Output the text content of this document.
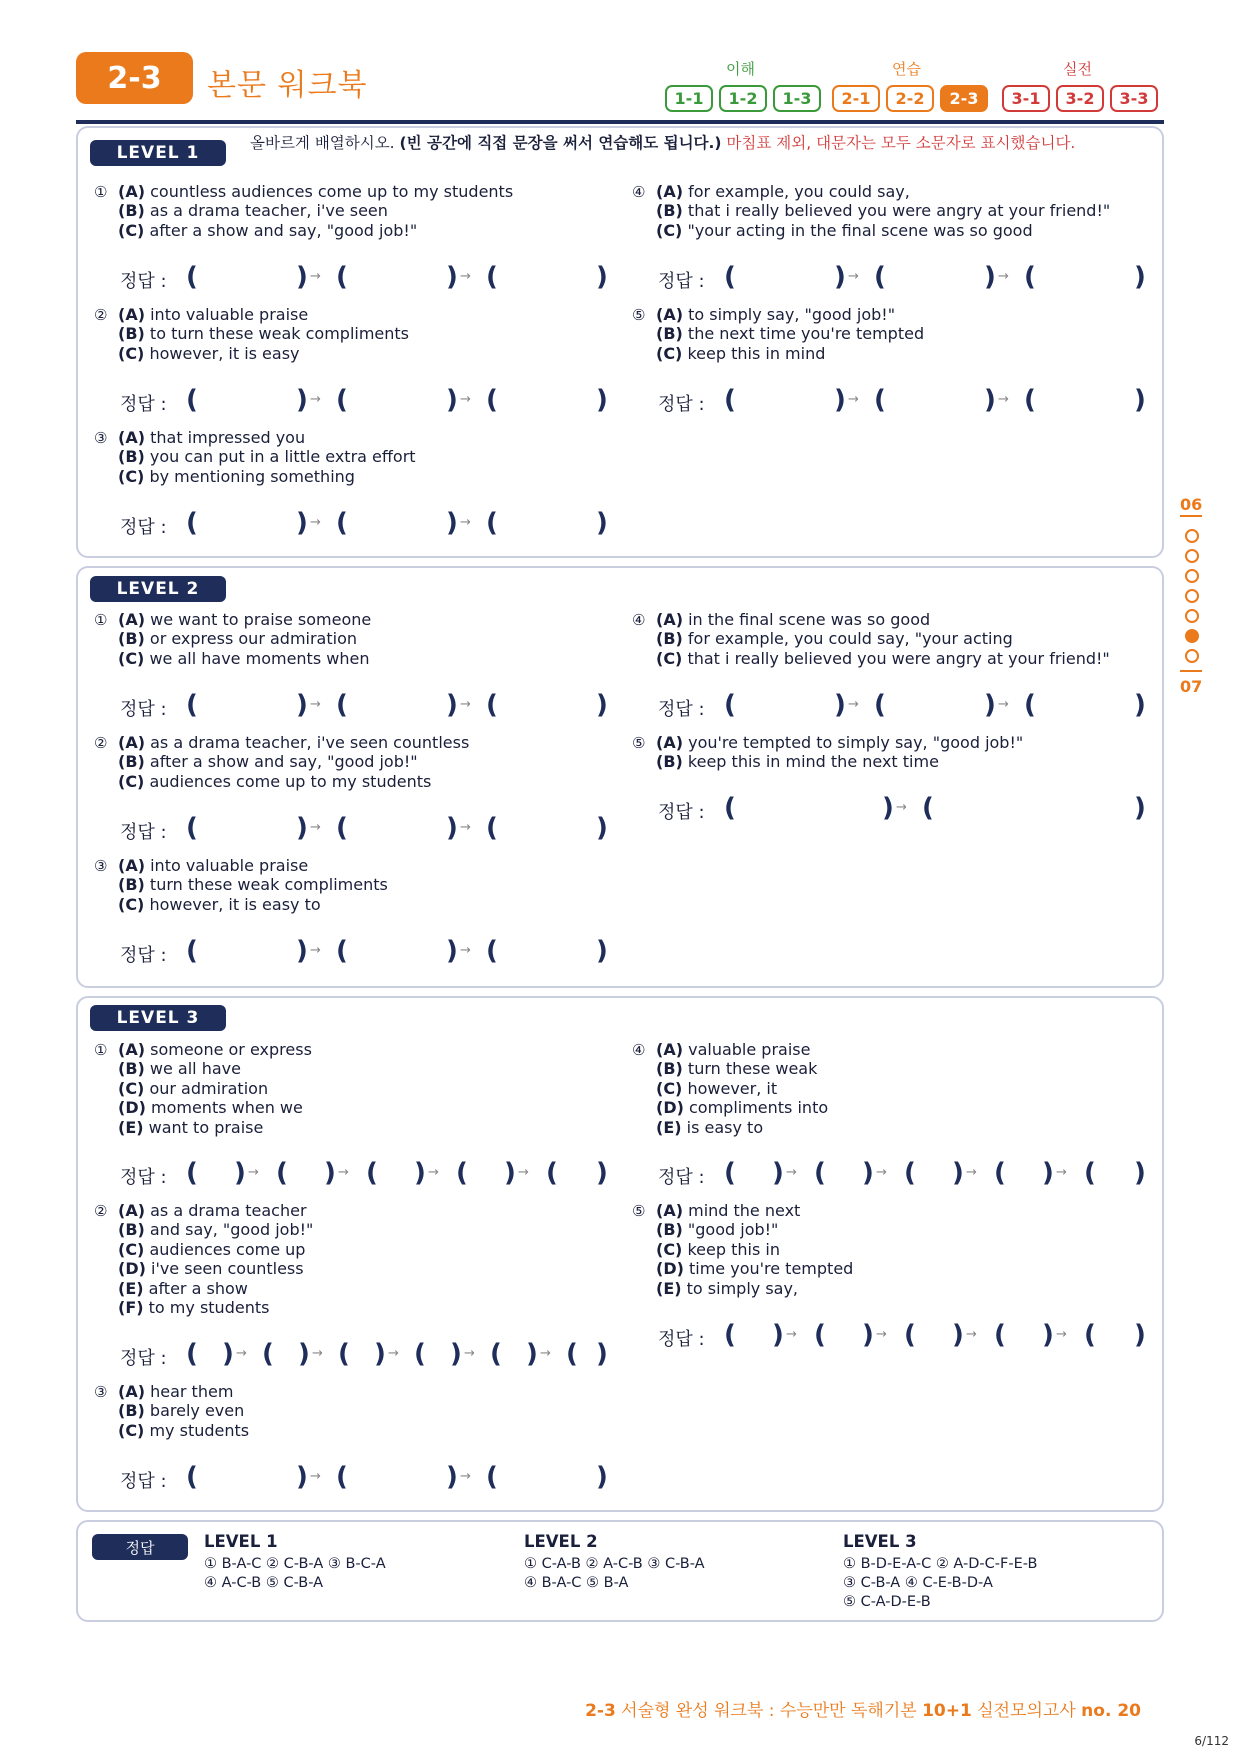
2-3	본문 워크북	이해	연습	실전
1-1	1-2	1-3	2-1	2-2	2-3	3-1	3-2	3-3
LEVEL 1	올바르게 배열하시오. (빈 공간에 직접 문장을 써서 연습해도 됩니다.) 마침표 제외, 대문자는 모두 소문자로 표시했습니다.
LEVEL 2
LEVEL 3
① (A) countless audiences come up to my students
(B) as a drama teacher, i've seen
(C) after a show and say, "good job!"
정답 : (	) → (	) → (	)
② (A) into valuable praise
(B) to turn these weak compliments
(C) however, it is easy
정답 : (	) → (	) → (	)
③ (A) that impressed you
(B) you can put in a little extra effort
(C) by mentioning something
정답 : (	) → (	) → (	)
④ (A) for example, you could say,
(B) that i really believed you were angry at your friend!"
(C) "your acting in the final scene was so good
정답 : (	) → (	) → (	)
⑤ (A) to simply say, "good job!"
(B) the next time you're tempted
(C) keep this in mind
정답 : (	) → (	) → (	)
① (A) we want to praise someone
(B) or express our admiration
(C) we all have moments when
정답 : (	) → (	) → (	)
② (A) as a drama teacher, i've seen countless
(B) after a show and say, "good job!"
(C) audiences come up to my students
정답 : (	) → (	) → (	)
③ (A) into valuable praise
(B) turn these weak compliments
(C) however, it is easy to
정답 : (	) → (	) → (	)
④ (A) in the final scene was so good
(B) for example, you could say, "your acting
(C) that i really believed you were angry at your friend!"
정답 : (	) → (	) → (	)
⑤ (A) you're tempted to simply say, "good job!"
(B) keep this in mind the next time
정답 : (	) → (	)
① (A) someone or express
(B) we all have
(C) our admiration
(D) moments when we
(E) want to praise
정답 : ( ) → ( ) → ( ) → ( ) → ( )
② (A) as a drama teacher
(B) and say, "good job!"
(C) audiences come up
(D) i've seen countless
(E) after a show
(F) to my students
정답 : ( ) → ( ) → ( ) → ( ) → ( ) → ( )
③ (A) hear them
(B) barely even
(C) my students
정답 : (	) → (	) → (	)
④ (A) valuable praise
(B) turn these weak
(C) however, it
(D) compliments into
(E) is easy to
정답 : ( ) → ( ) → ( ) → ( ) → ( )
⑤ (A) mind the next
(B) "good job!"
(C) keep this in
(D) time you're tempted
(E) to simply say,
정답 : ( ) → ( ) → ( ) → ( ) → ( )
06
07
정답	LEVEL 1
① B-A-C ② C-B-A ③ B-C-A
④ A-C-B ⑤ C-B-A
LEVEL 2
① C-A-B ② A-C-B ③ C-B-A
④ B-A-C ⑤ B-A
LEVEL 3
① B-D-E-A-C ② A-D-C-F-E-B
③ C-B-A ④ C-E-B-D-A
⑤ C-A-D-E-B
2-3 서술형 완성 워크북 : 수능만만 독해기본 10+1 실전모의고사 no. 20
6/112
